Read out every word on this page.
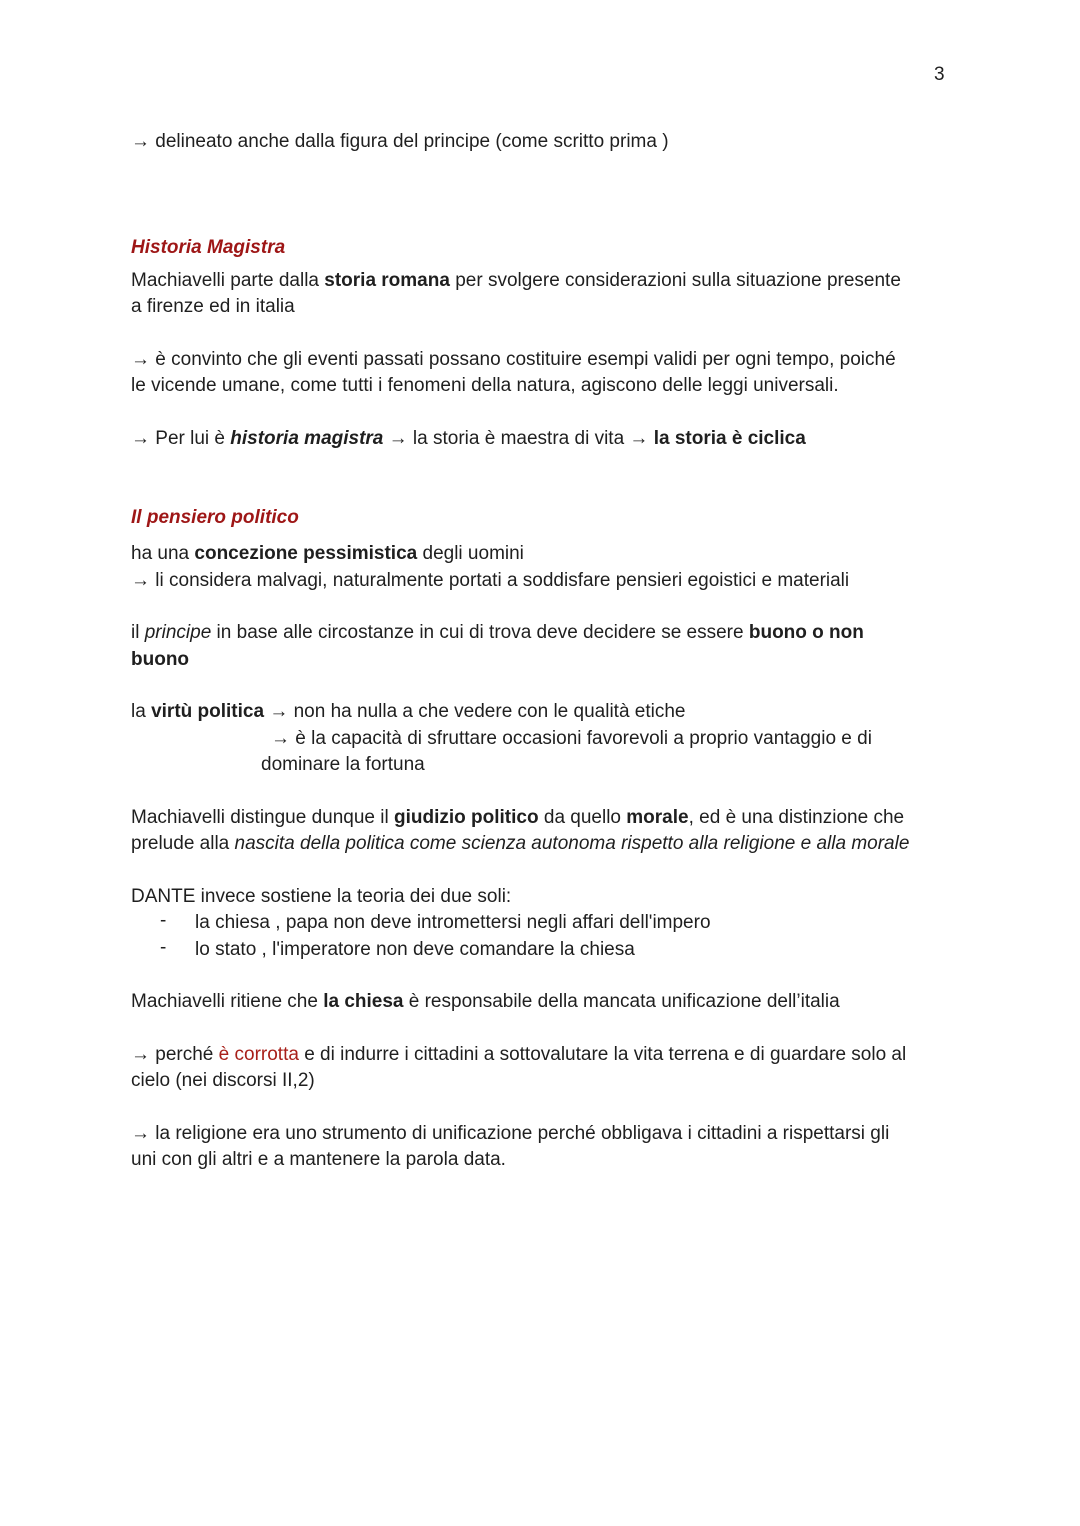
3
→ delineato anche dalla figura del principe (come scritto prima )
Historia Magistra
Machiavelli parte dalla storia romana per svolgere considerazioni sulla situazione presente
a firenze ed in italia
→ è convinto che gli eventi passati possano costituire esempi validi per ogni tempo, poiché
le vicende umane, come tutti i fenomeni della natura, agiscono delle leggi universali.
→ Per lui è historia magistra → la storia è maestra di vita → la storia è ciclica
Il pensiero politico
ha una concezione pessimistica degli uomini
→ li considera malvagi, naturalmente portati a soddisfare pensieri egoistici e materiali
il principe in base alle circostanze in cui di trova deve decidere se essere buono o non
buono
la virtù politica → non ha nulla a che vedere con le qualità etiche
→ è la capacità di sfruttare occasioni favorevoli a proprio vantaggio e di
dominare la fortuna
Machiavelli distingue dunque il giudizio politico da quello morale, ed è una distinzione che
prelude alla nascita della politica come scienza autonoma rispetto alla religione e alla morale
DANTE invece sostiene la teoria dei due soli:
- la chiesa , papa non deve intromettersi negli affari dell'impero
- lo stato , l'imperatore non deve comandare la chiesa
Machiavelli ritiene che la chiesa è responsabile della mancata unificazione dell’italia
→ perché è corrotta e di indurre i cittadini a sottovalutare la vita terrena e di guardare solo al
cielo (nei discorsi II,2)
→ la religione era uno strumento di unificazione perché obbligava i cittadini a rispettarsi gli
uni con gli altri e a mantenere la parola data.
